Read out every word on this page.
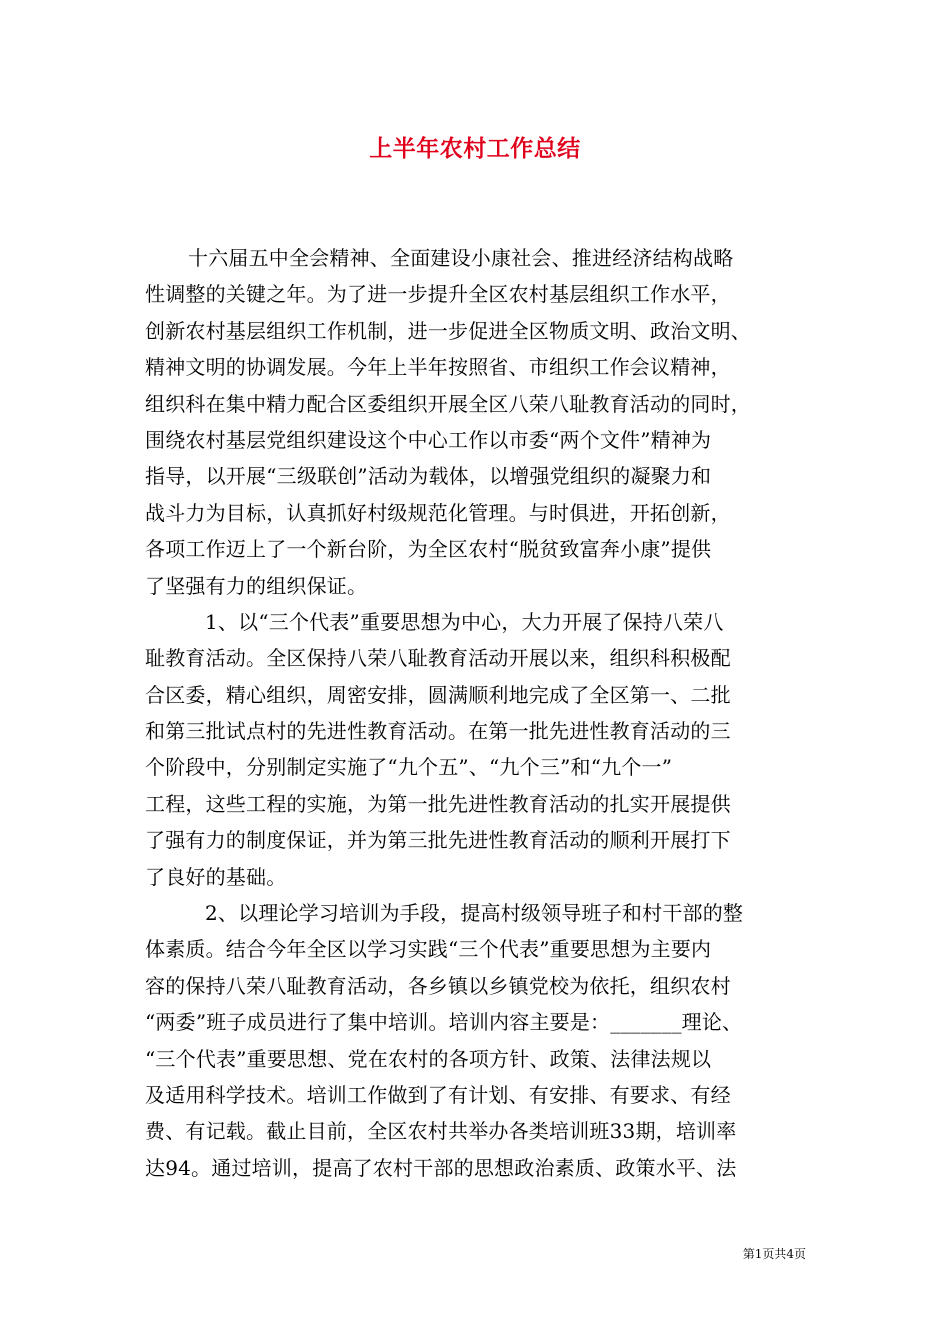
上半年农村工作总结
十六届五中全会精神、全面建设小康社会、推进经济结构战略
性调整的关键之年。为了进一步提升全区农村基层组织工作水平，
创新农村基层组织工作机制，进一步促进全区物质文明、政治文明、
精神文明的协调发展。今年上半年按照省、市组织工作会议精神，
组织科在集中精力配合区委组织开展全区八荣八耻教育活动的同时，
围绕农村基层党组织建设这个中心工作以市委“两个文件”精神为
指导，以开展“三级联创”活动为载体，以增强党组织的凝聚力和
战斗力为目标，认真抓好村级规范化管理。与时俱进，开拓创新，
各项工作迈上了一个新台阶，为全区农村“脱贫致富奔小康”提供
了坚强有力的组织保证。
1、以“三个代表”重要思想为中心，大力开展了保持八荣八
耻教育活动。全区保持八荣八耻教育活动开展以来，组织科积极配
合区委，精心组织，周密安排，圆满顺利地完成了全区第一、二批
和第三批试点村的先进性教育活动。在第一批先进性教育活动的三
个阶段中，分别制定实施了“九个五”、“九个三”和“九个一”
工程，这些工程的实施，为第一批先进性教育活动的扎实开展提供
了强有力的制度保证，并为第三批先进性教育活动的顺利开展打下
了良好的基础。
2、以理论学习培训为手段，提高村级领导班子和村干部的整
体素质。结合今年全区以学习实践“三个代表”重要思想为主要内
容的保持八荣八耻教育活动，各乡镇以乡镇党校为依托，组织农村
“两委”班子成员进行了集中培训。培训内容主要是：_______理论、
“三个代表”重要思想、党在农村的各项方针、政策、法律法规以
及适用科学技术。培训工作做到了有计划、有安排、有要求、有经
费、有记载。截止目前，全区农村共举办各类培训班33期，培训率
达94。通过培训，提高了农村干部的思想政治素质、政策水平、法
第1页共4页
